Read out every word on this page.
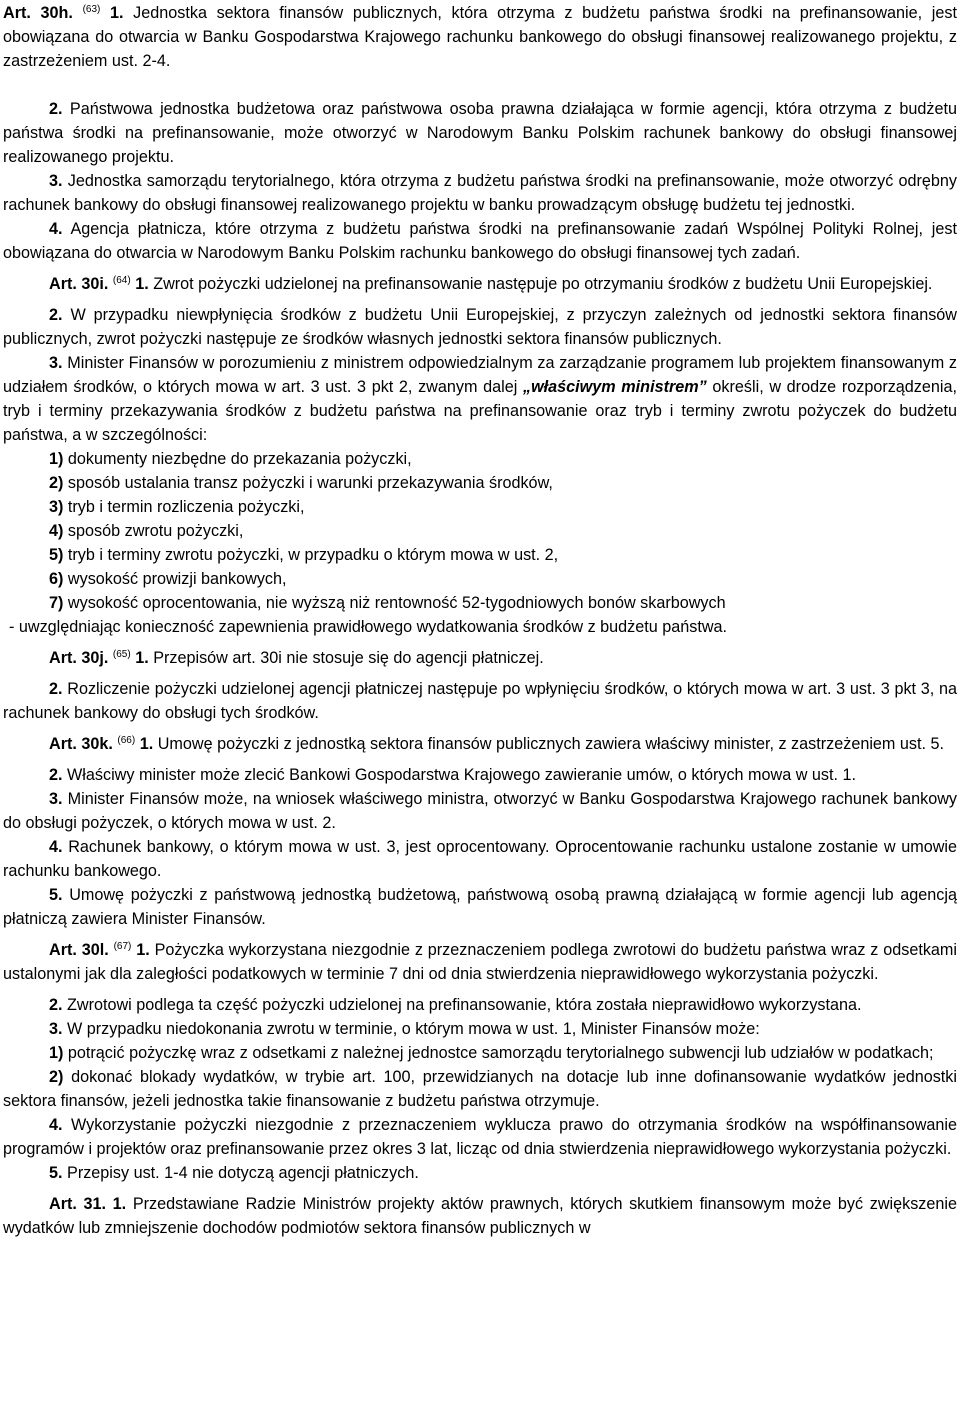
Art. 30h. $^{(63)}$ 1. Jednostka sektora finansów publicznych, która otrzyma z budżetu państwa środki na prefinansowanie, jest obowiązana do otwarcia w Banku Gospodarstwa Krajowego rachunku bankowego do obsługi finansowej realizowanego projektu, z zastrzeżeniem ust. 2-4.

2. Państwowa jednostka budżetowa oraz państwowa osoba prawna działająca w formie agencji, która otrzyma z budżetu państwa środki na prefinansowanie, może otworzyć w Narodowym Banku Polskim rachunek bankowy do obsługi finansowej realizowanego projektu.

3. Jednostka samorządu terytorialnego, która otrzyma z budżetu państwa środki na prefinansowanie, może otworzyć odrębny rachunek bankowy do obsługi finansowej realizowanego projektu w banku prowadzącym obsługę budżetu tej jednostki.

4. Agencja płatnicza, które otrzyma z budżetu państwa środki na prefinansowanie zadań Wspólnej Polityki Rolnej, jest obowiązana do otwarcia w Narodowym Banku Polskim rachunku bankowego do obsługi finansowej tych zadań.

Art. 30i. $^{(64)}$ 1. Zwrot pożyczki udzielonej na prefinansowanie następuje po otrzymaniu środków z budżetu Unii Europejskiej.

2. W przypadku niewpłynięcia środków z budżetu Unii Europejskiej, z przyczyn zależnych od jednostki sektora finansów publicznych, zwrot pożyczki następuje ze środków własnych jednostki sektora finansów publicznych.

3. Minister Finansów w porozumieniu z ministrem odpowiedzialnym za zarządzanie programem lub projektem finansowanym z udziałem środków, o których mowa w art. 3 ust. 3 pkt 2, zwanym dalej „właściwym ministrem” określi, w drodze rozporządzenia, tryb i terminy przekazywania środków z budżetu państwa na prefinansowanie oraz tryb i terminy zwrotu pożyczek do budżetu państwa, a w szczególności:

1) dokumenty niezbędne do przekazania pożyczki,

2) sposób ustalania transz pożyczki i warunki przekazywania środków,

3) tryb i termin rozliczenia pożyczki,

4) sposób zwrotu pożyczki,

5) tryb i terminy zwrotu pożyczki, w przypadku o którym mowa w ust. 2,

6) wysokość prowizji bankowych,

7) wysokość oprocentowania, nie wyższą niż rentowność 52-tygodniowych bonów skarbowych

- uwzględniając konieczność zapewnienia prawidłowego wydatkowania środków z budżetu państwa.

Art. 30j. $^{(65)}$ 1. Przepisów art. 30i nie stosuje się do agencji płatniczej.

2. Rozliczenie pożyczki udzielonej agencji płatniczej następuje po wpłynięciu środków, o których mowa w art. 3 ust. 3 pkt 3, na rachunek bankowy do obsługi tych środków.

Art. 30k. $^{(66)}$ 1. Umowę pożyczki z jednostką sektora finansów publicznych zawiera właściwy minister, z zastrzeżeniem ust. 5.

2. Właściwy minister może zlecić Bankowi Gospodarstwa Krajowego zawieranie umów, o których mowa w ust. 1.

3. Minister Finansów może, na wniosek właściwego ministra, otworzyć w Banku Gospodarstwa Krajowego rachunek bankowy do obsługi pożyczek, o których mowa w ust. 2.

4. Rachunek bankowy, o którym mowa w ust. 3, jest oprocentowany. Oprocentowanie rachunku ustalone zostanie w umowie rachunku bankowego.

5. Umowę pożyczki z państwową jednostką budżetową, państwową osobą prawną działającą w formie agencji lub agencją płatniczą zawiera Minister Finansów.

Art. 30l. $^{(67)}$ 1. Pożyczka wykorzystana niezgodnie z przeznaczeniem podlega zwrotowi do budżetu państwa wraz z odsetkami ustalonymi jak dla zaległości podatkowych w terminie 7 dni od dnia stwierdzenia nieprawidłowego wykorzystania pożyczki.

2. Zwrotowi podlega ta część pożyczki udzielonej na prefinansowanie, która została nieprawidłowo wykorzystana.

3. W przypadku niedokonania zwrotu w terminie, o którym mowa w ust. 1, Minister Finansów może:

1) potrącić pożyczkę wraz z odsetkami z należnej jednostce samorządu terytorialnego subwencji lub udziałów w podatkach;

2) dokonać blokady wydatków, w trybie art. 100, przewidzianych na dotacje lub inne dofinansowanie wydatków jednostki sektora finansów, jeżeli jednostka takie finansowanie z budżetu państwa otrzymuje.

4. Wykorzystanie pożyczki niezgodnie z przeznaczeniem wyklucza prawo do otrzymania środków na współfinansowanie programów i projektów oraz prefinansowanie przez okres 3 lat, licząc od dnia stwierdzenia nieprawidłowego wykorzystania pożyczki.

5. Przepisy ust. 1-4 nie dotyczą agencji płatniczych.

Art. 31. 1. Przedstawiane Radzie Ministrów projekty aktów prawnych, których skutkiem finansowym może być zwiększenie wydatków lub zmniejszenie dochodów podmiotów sektora finansów publicznych w
